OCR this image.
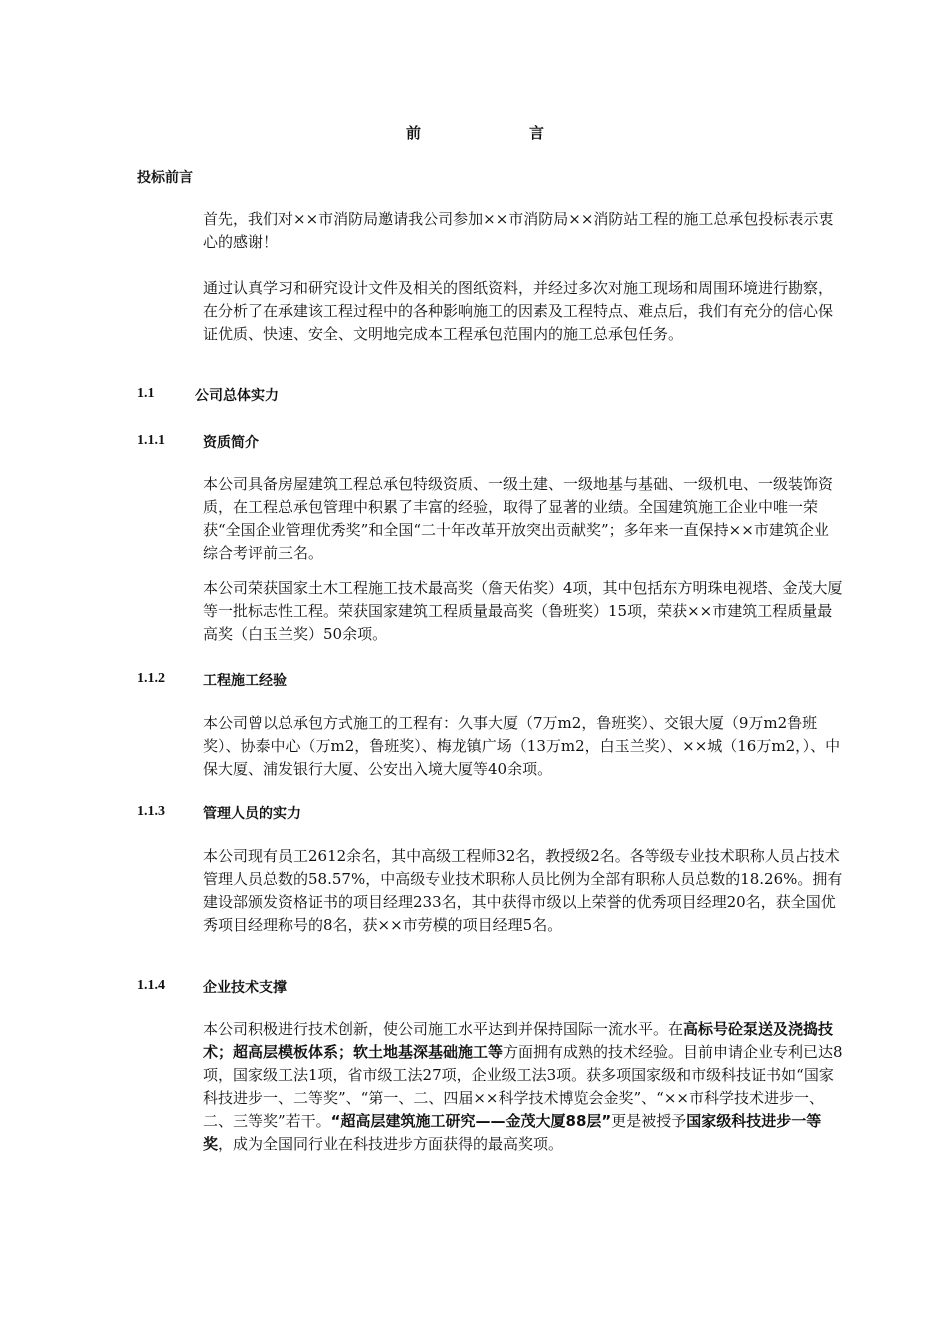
前　　言
投标前言

首先，我们对××市消防局邀请我公司参加××市消防局××消防站工程的施工总承包投标表示衷心的感谢！

通过认真学习和研究设计文件及相关的图纸资料，并经过多次对施工现场和周围环境进行勘察，在分析了在承建该工程过程中的各种影响施工的因素及工程特点、难点后，我们有充分的信心保证优质、快速、安全、文明地完成本工程承包范围内的施工总承包任务。

1.1	公司总体实力
1.1.1	资质简介

本公司具备房屋建筑工程总承包特级资质、一级土建、一级地基与基础、一级机电、一级装饰资质，在工程总承包管理中积累了丰富的经验，取得了显著的业绩。全国建筑施工企业中唯一荣获“全国企业管理优秀奖”和全国“二十年改革开放突出贡献奖”；多年来一直保持××市建筑企业综合考评前三名。

本公司荣获国家土木工程施工技术最高奖（詹天佑奖）4项，其中包括东方明珠电视塔、金茂大厦等一批标志性工程。荣获国家建筑工程质量最高奖（鲁班奖）15项，荣获××市建筑工程质量最高奖（白玉兰奖）50余项。

1.1.2	工程施工经验

本公司曾以总承包方式施工的工程有：久事大厦（7万m2，鲁班奖）、交银大厦（9万m2鲁班奖）、协泰中心（万m2，鲁班奖）、梅龙镇广场（13万m2，白玉兰奖）、××城（16万m2，）、中保大厦、浦发银行大厦、公安出入境大厦等40余项。

1.1.3	管理人员的实力

本公司现有员工2612余名，其中高级工程师32名，教授级2名。各等级专业技术职称人员占技术管理人员总数的58.57%，中高级专业技术职称人员比例为全部有职称人员总数的18.26%。拥有建设部颁发资格证书的项目经理233名，其中获得市级以上荣誉的优秀项目经理20名，获全国优秀项目经理称号的8名，获××市劳模的项目经理5名。

1.1.4	企业技术支撑

本公司积极进行技术创新，使公司施工水平达到并保持国际一流水平。在高标号砼泵送及浇捣技术；超高层模板体系；软土地基深基础施工等方面拥有成熟的技术经验。目前申请企业专利已达8项，国家级工法1项，省市级工法27项，企业级工法3项。获多项国家级和市级科技证书如“国家科技进步一、二等奖”、“第一、二、四届××科学技术博览会金奖”、“××市科学技术进步一、二、三等奖”若干。“超高层建筑施工研究——金茂大厦88层”更是被授予国家级科技进步一等奖，成为全国同行业在科技进步方面获得的最高奖项。
